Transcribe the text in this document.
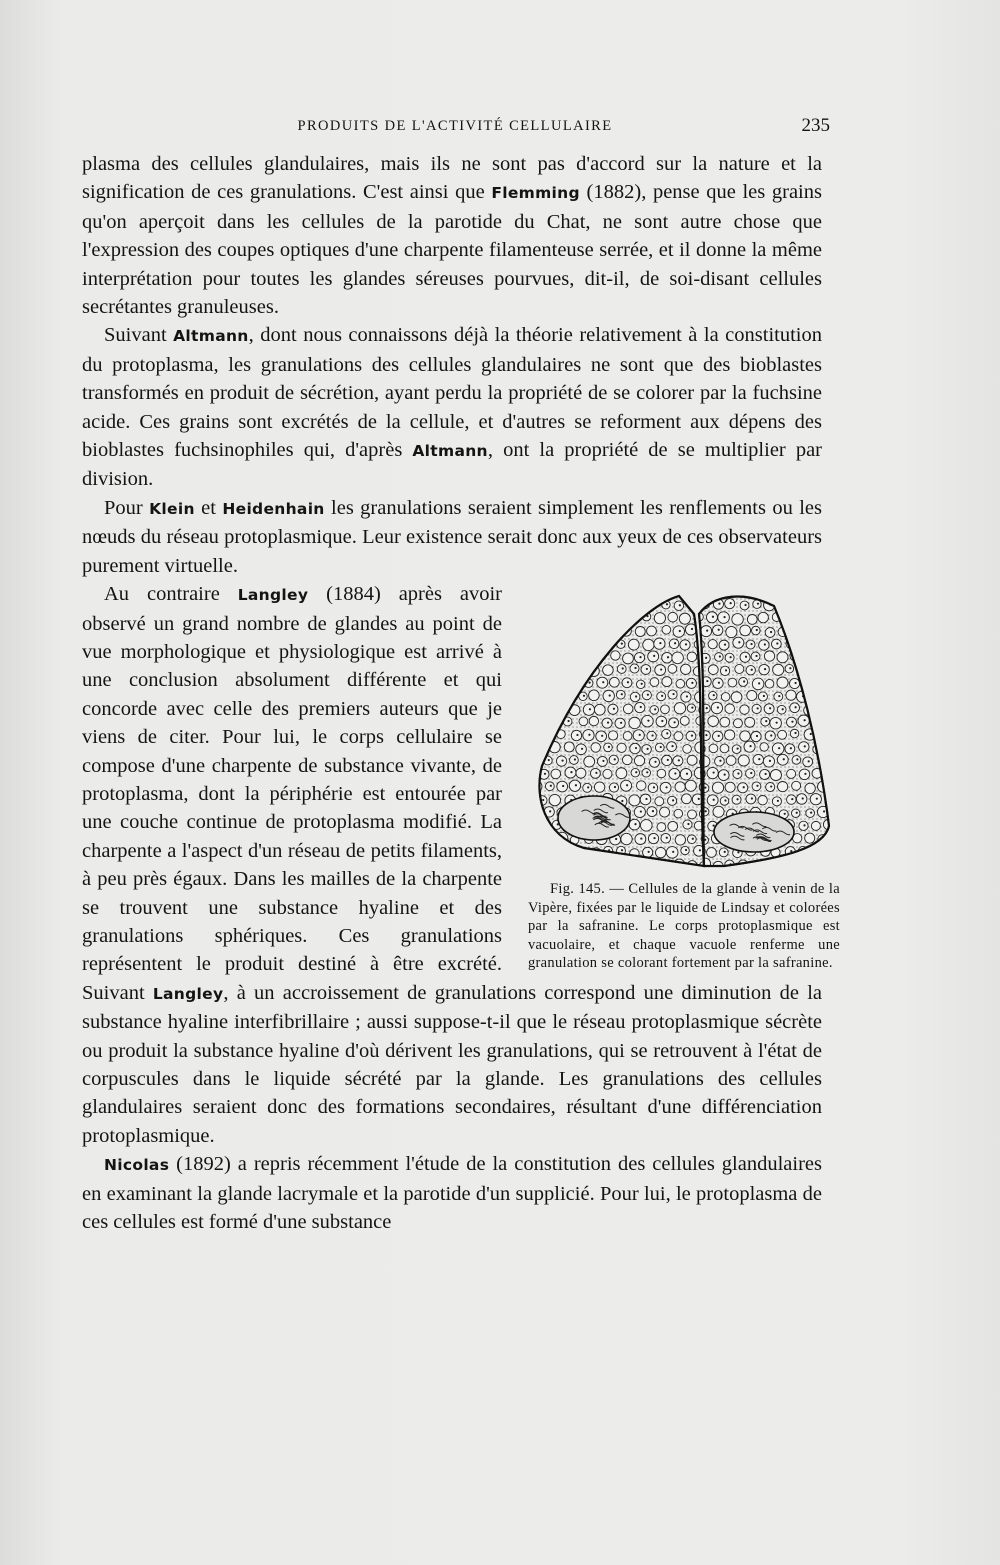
PRODUITS DE L'ACTIVITÉ CELLULAIRE	235

plasma des cellules glandulaires, mais ils ne sont pas d'accord sur la nature et la signification de ces granulations. C'est ainsi que Flemming (1882), pense que les grains qu'on aperçoit dans les cellules de la parotide du Chat, ne sont autre chose que l'expression des coupes optiques d'une charpente filamenteuse serrée, et il donne la même interprétation pour toutes les glandes séreuses pourvues, dit-il, de soi-disant cellules secrétantes granuleuses.

Suivant Altmann, dont nous connaissons déjà la théorie relativement à la constitution du protoplasma, les granulations des cellules glandulaires ne sont que des bioblastes transformés en produit de sécrétion, ayant perdu la propriété de se colorer par la fuchsine acide. Ces grains sont excrétés de la cellule, et d'autres se reforment aux dépens des bioblastes fuchsinophiles qui, d'après Altmann, ont la propriété de se multiplier par division.

Pour Klein et Heidenhain les granulations seraient simplement les renflements ou les nœuds du réseau protoplasmique. Leur existence serait donc aux yeux de ces observateurs purement virtuelle.

Fig. 145. — Cellules de la glande à venin de la Vipère, fixées par le liquide de Lindsay et colorées par la safranine. Le corps protoplasmique est vacuolaire, et chaque vacuole renferme une granulation se colorant fortement par la safranine.
Au contraire Langley (1884) après avoir observé un grand nombre de glandes au point de vue morphologique et physiologique est arrivé à une conclusion absolument différente et qui concorde avec celle des premiers auteurs que je viens de citer. Pour lui, le corps cellulaire se compose d'une charpente de substance vivante, de protoplasma, dont la périphérie est entourée par une couche continue de protoplasma modifié. La charpente a l'aspect d'un réseau de petits filaments, à peu près égaux. Dans les mailles de la charpente se trouvent une substance hyaline et des granulations sphériques. Ces granulations représentent le produit destiné à être excrété. Suivant Langley, à un accroissement de granulations correspond une diminution de la substance hyaline interfibrillaire ; aussi suppose-t-il que le réseau protoplasmique sécrète ou produit la substance hyaline d'où dérivent les granulations, qui se retrouvent à l'état de corpuscules dans le liquide sécrété par la glande. Les granulations des cellules glandulaires seraient donc des formations secondaires, résultant d'une différenciation protoplasmique.

Nicolas (1892) a repris récemment l'étude de la constitution des cellules glandulaires en examinant la glande lacrymale et la parotide d'un supplicié. Pour lui, le protoplasma de ces cellules est formé d'une substance
